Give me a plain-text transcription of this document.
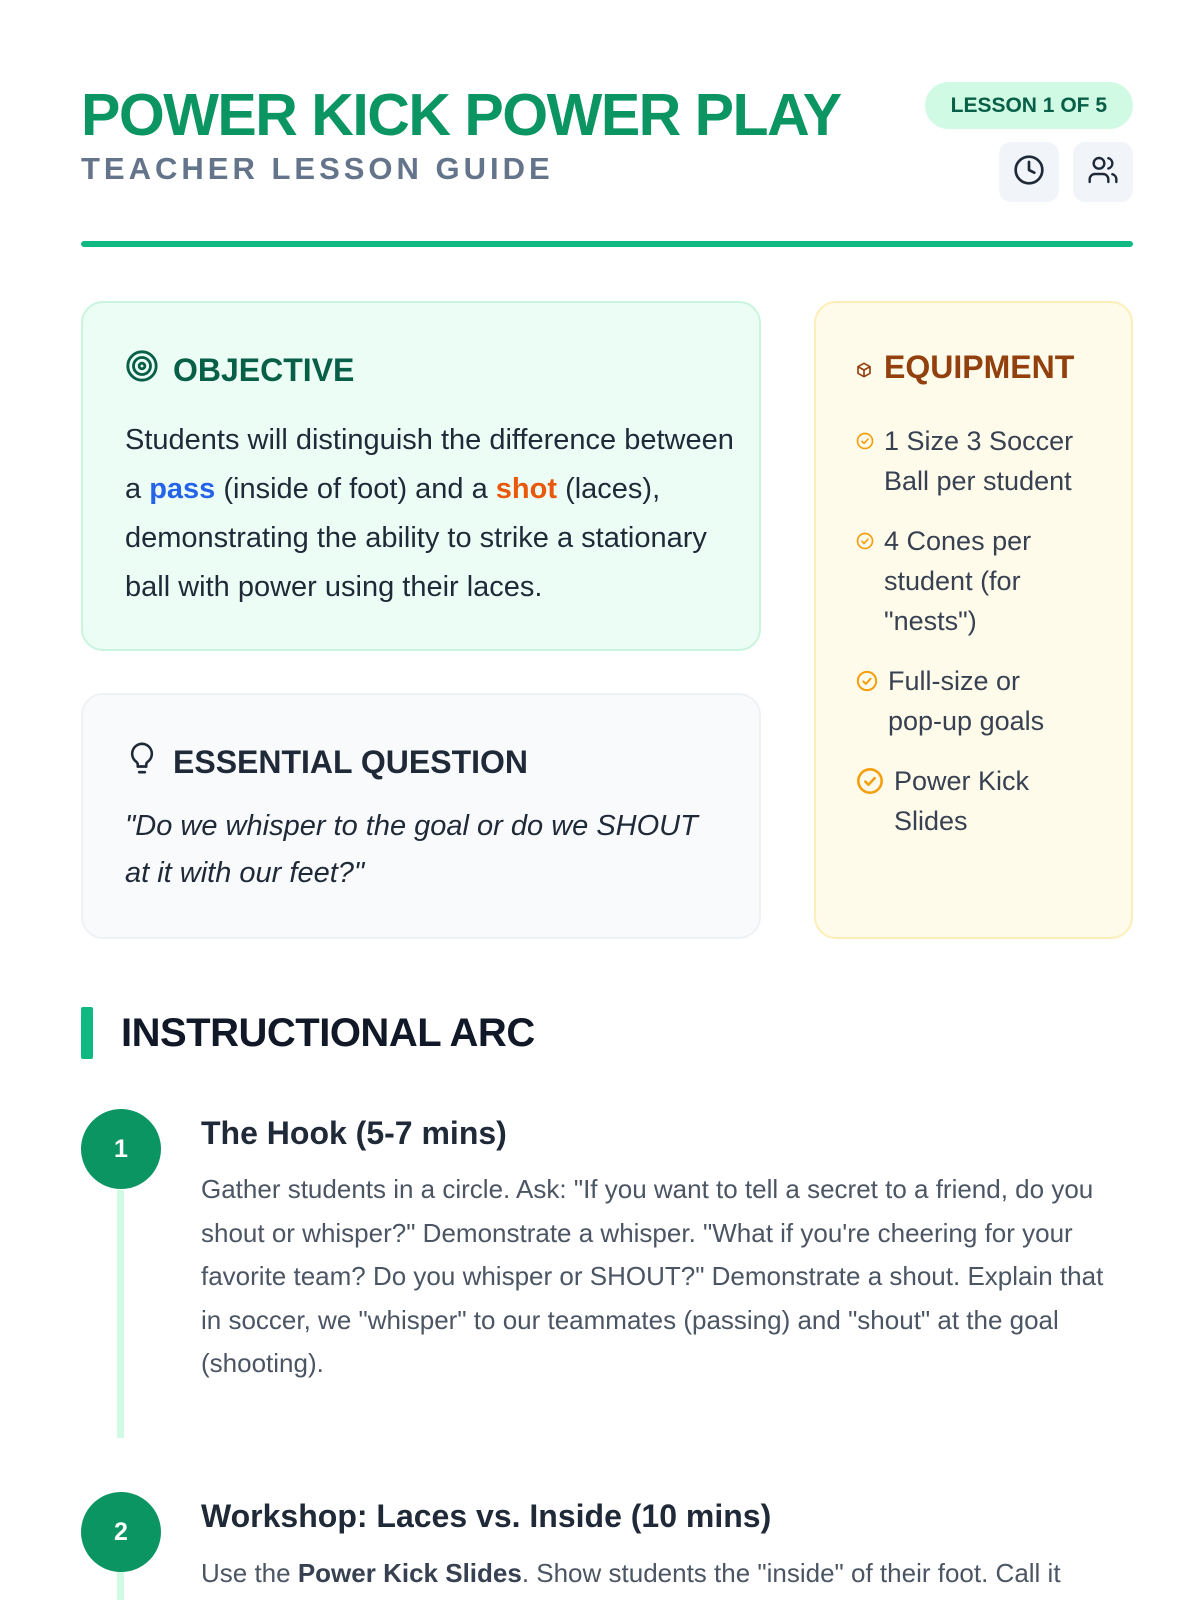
POWER KICK POWER PLAY
TEACHER LESSON GUIDE
LESSON 1 OF 5
OBJECTIVE

Students will distinguish the difference between a pass (inside of foot) and a shot (laces), demonstrating the ability to strike a stationary ball with power using their laces.

ESSENTIAL QUESTION

"Do we whisper to the goal or do we SHOUT at it with our feet?"

EQUIPMENT
1 Size 3 Soccer Ball per student
4 Cones per student (for "nests")
Full-size or pop-up goals
Power Kick Slides
INSTRUCTIONAL ARC
1	The Hook (5-7 mins)

Gather students in a circle. Ask: "If you want to tell a secret to a friend, do you shout or whisper?" Demonstrate a whisper. "What if you're cheering for your favorite team? Do you whisper or SHOUT?" Demonstrate a shout. Explain that in soccer, we "whisper" to our teammates (passing) and "shout" at the goal (shooting).

2	Workshop: Laces vs. Inside (10 mins)

Use the Power Kick Slides. Show students the "inside" of their foot. Call it
